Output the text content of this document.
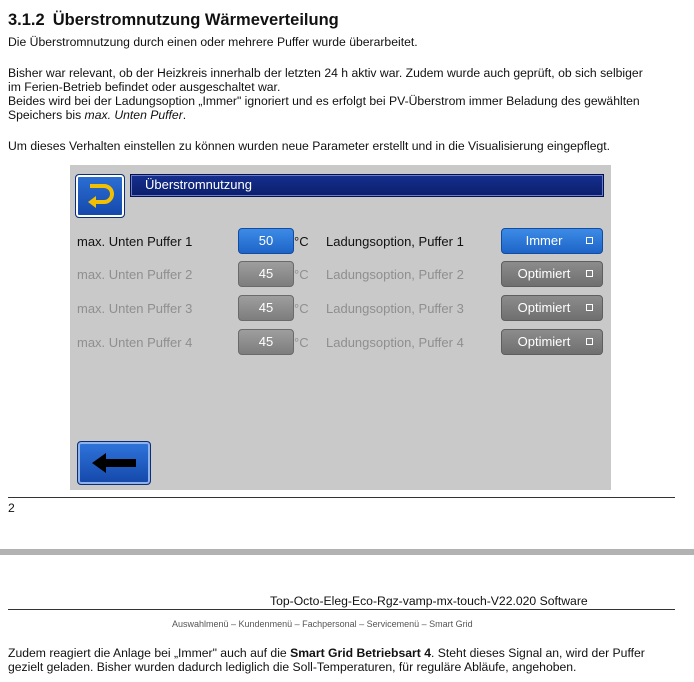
3.1.2 Überstromnutzung Wärmeverteilung
Die Überstromnutzung durch einen oder mehrere Puffer wurde überarbeitet.
Bisher war relevant, ob der Heizkreis innerhalb der letzten 24 h aktiv war. Zudem wurde auch geprüft, ob sich selbiger
im Ferien-Betrieb befindet oder ausgeschaltet war.
Beides wird bei der Ladungsoption „Immer" ignoriert und es erfolgt bei PV-Überstrom immer Beladung des gewählten
Speichers bis max. Unten Puffer.
Um dieses Verhalten einstellen zu können wurden neue Parameter erstellt und in die Visualisierung eingepflegt.
Überstromnutzung
max. Unten Puffer 1	50	°C Ladungsoption, Puffer 1	Immer
max. Unten Puffer 2	45	°C Ladungsoption, Puffer 2	Optimiert
max. Unten Puffer 3	45	°C Ladungsoption, Puffer 3	Optimiert
max. Unten Puffer 4	45	°C Ladungsoption, Puffer 4	Optimiert
2
Top-Octo-Eleg-Eco-Rgz-vamp-mx-touch-V22.020 Software
Auswahlmenü – Kundenmenü – Fachpersonal – Servicemenü – Smart Grid
Zudem reagiert die Anlage bei „Immer" auch auf die Smart Grid Betriebsart 4. Steht dieses Signal an, wird der Puffer
gezielt geladen. Bisher wurden dadurch lediglich die Soll-Temperaturen, für reguläre Abläufe, angehoben.
